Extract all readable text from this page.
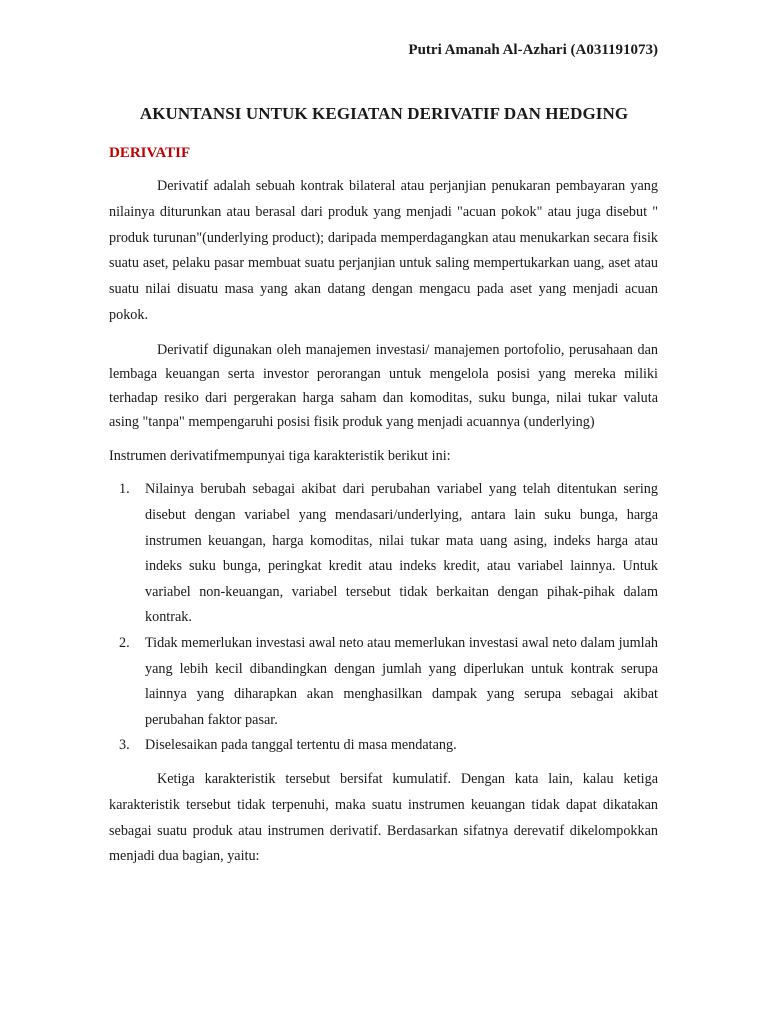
Putri Amanah Al-Azhari (A031191073)
AKUNTANSI UNTUK KEGIATAN DERIVATIF DAN HEDGING
DERIVATIF

Derivatif adalah sebuah kontrak bilateral atau perjanjian penukaran pembayaran yang nilainya diturunkan atau berasal dari produk yang menjadi "acuan pokok" atau juga disebut " produk turunan"(underlying product); daripada memperdagangkan atau menukarkan secara fisik suatu aset, pelaku pasar membuat suatu perjanjian untuk saling mempertukarkan uang, aset atau suatu nilai disuatu masa yang akan datang dengan mengacu pada aset yang menjadi acuan pokok.

Derivatif digunakan oleh manajemen investasi/ manajemen portofolio, perusahaan dan lembaga keuangan serta investor perorangan untuk mengelola posisi yang mereka miliki terhadap resiko dari pergerakan harga saham dan komoditas, suku bunga, nilai tukar valuta asing "tanpa" mempengaruhi posisi fisik produk yang menjadi acuannya (underlying)

Instrumen derivatifmempunyai tiga karakteristik berikut ini:

1. Nilainya berubah sebagai akibat dari perubahan variabel yang telah ditentukan sering disebut dengan variabel yang mendasari/underlying, antara lain suku bunga, harga instrumen keuangan, harga komoditas, nilai tukar mata uang asing, indeks harga atau indeks suku bunga, peringkat kredit atau indeks kredit, atau variabel lainnya. Untuk variabel non-keuangan, variabel tersebut tidak berkaitan dengan pihak-pihak dalam kontrak.
2. Tidak memerlukan investasi awal neto atau memerlukan investasi awal neto dalam jumlah yang lebih kecil dibandingkan dengan jumlah yang diperlukan untuk kontrak serupa lainnya yang diharapkan akan menghasilkan dampak yang serupa sebagai akibat perubahan faktor pasar.
3. Diselesaikan pada tanggal tertentu di masa mendatang.

Ketiga karakteristik tersebut bersifat kumulatif. Dengan kata lain, kalau ketiga karakteristik tersebut tidak terpenuhi, maka suatu instrumen keuangan tidak dapat dikatakan sebagai suatu produk atau instrumen derivatif. Berdasarkan sifatnya derevatif dikelompokkan menjadi dua bagian, yaitu:
